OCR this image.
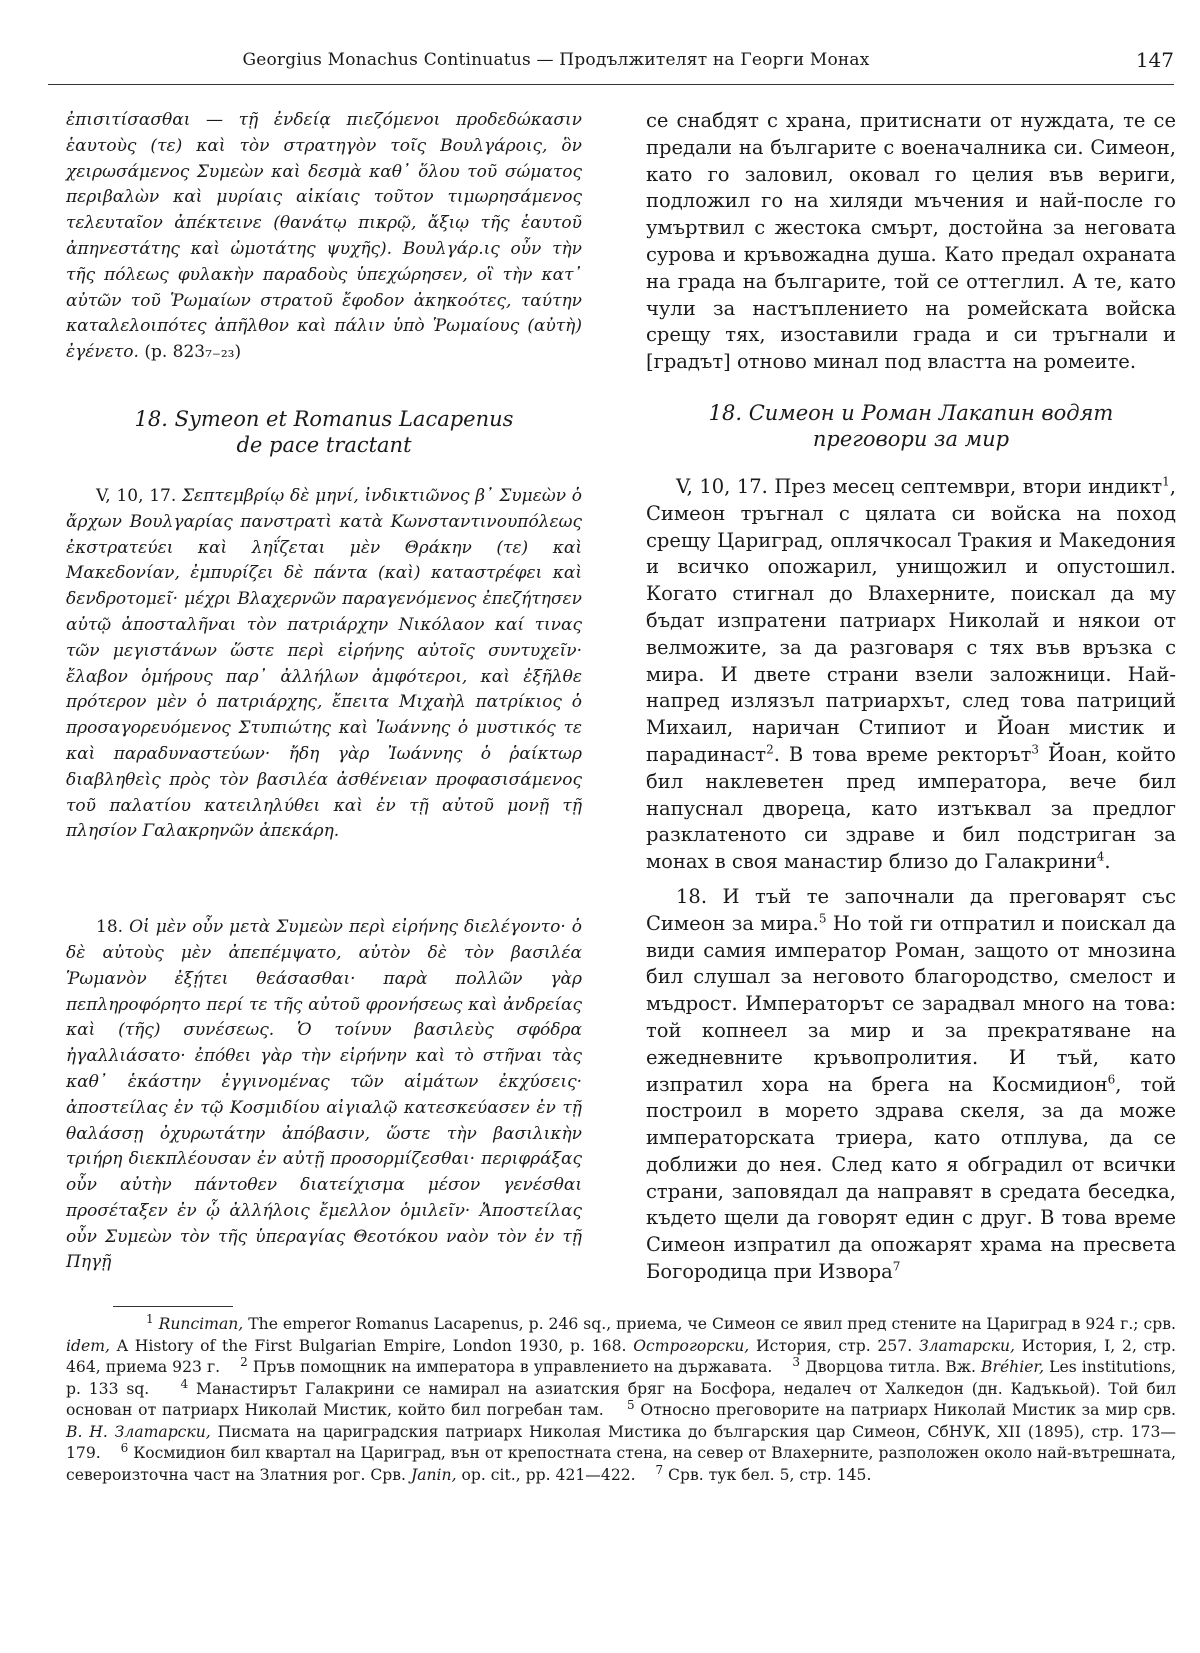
Georgius Monachus Continuatus — Продължителят на Георги Монах	147

ἐπισιτίσασθαι — τῇ ἐνδείᾳ πιεζόμενοι προδεδώκασιν ἑαυτοὺς (τε) καὶ τὸν στρατηγὸν τοῖς Βουλγάροις, ὃν χειρωσάμενος Συμεὼν καὶ δεσμὰ καθ᾽ ὅλου τοῦ σώματος περιβαλὼν καὶ μυρίαις αἰκίαις τοῦτον τιμωρησάμενος τελευταῖον ἀπέκτεινε (θανάτῳ πικρῷ, ἄξιῳ τῆς ἑαυτοῦ ἀπηνεστάτης καὶ ὠμοτάτης ψυχῆς). Βουλγάρ.ις οὖν τὴν τῆς πόλεως φυλακὴν παραδοὺς ὑπεχώρησεν, οἳ τὴν κατ᾽ αὐτῶν τοῦ Ῥωμαίων στρατοῦ ἔφοδον ἀκηκοότες, ταύτην καταλελοιπότες ἀπῆλθον καὶ πάλιν ὑπὸ Ῥωμαίους (αὐτὴ) ἐγένετο. (p. 823₇₋₂₃)

18. Symeon et Romanus Lacapenus
de pace tractant

V, 10, 17. Σεπτεμβρίῳ δὲ μηνί, ἰνδικτιῶνος β᾽ Συμεὼν ὁ ἄρχων Βουλγαρίας πανστρατὶ κατὰ Κωνσταντινουπόλεως ἐκστρατεύει καὶ ληΐζεται μὲν Θράκην (τε) καὶ Μακεδονίαν, ἐμπυρίζει δὲ πάντα (καὶ) καταστρέφει καὶ δενδροτομεῖ· μέχρι Βλαχερνῶν παραγενόμενος ἐπεζήτησεν αὐτῷ ἀποσταλῆναι τὸν πατριάρχην Νικόλαον καί τινας τῶν μεγιστάνων ὥστε περὶ εἰρήνης αὐτοῖς συντυχεῖν· ἔλαβον ὁμήρους παρ᾽ ἀλλήλων ἀμφότεροι, καὶ ἐξῆλθε πρότερον μὲν ὁ πατριάρχης, ἔπειτα Μιχαὴλ πατρίκιος ὁ προσαγορευόμενος Στυπιώτης καὶ Ἰωάννης ὁ μυστικός τε καὶ παραδυναστεύων· ἤδη γὰρ Ἰωάννης ὁ ῥαίκτωρ διαβληθεὶς πρὸς τὸν βασιλέα ἀσθένειαν προφασισάμενος τοῦ παλατίου κατειληλύθει καὶ ἐν τῇ αὐτοῦ μονῇ τῇ πλησίον Γαλακρηνῶν ἀπεκάρη.

18. Οἱ μὲν οὖν μετὰ Συμεὼν περὶ εἰρήνης διελέγοντο· ὁ δὲ αὐτοὺς μὲν ἀπεπέμψατο, αὐτὸν δὲ τὸν βασιλέα Ῥωμανὸν ἐξῄτει θεάσασθαι· παρὰ πολλῶν γὰρ πεπληροφόρητο περί τε τῆς αὐτοῦ φρονήσεως καὶ ἀνδρείας καὶ (τῆς) συνέσεως. Ὁ τοίνυν βασιλεὺς σφόδρα ἠγαλλιάσατο· ἐπόθει γὰρ τὴν εἰρήνην καὶ τὸ στῆναι τὰς καθ᾽ ἑκάστην ἐγγινομένας τῶν αἱμάτων ἐκχύσεις· ἀποστείλας ἐν τῷ Κοσμιδίου αἰγιαλῷ κατεσκεύασεν ἐν τῇ θαλάσσῃ ὀχυρωτάτην ἀπόβασιν, ὥστε τὴν βασιλικὴν τριήρη διεκπλέουσαν ἐν αὐτῇ προσορμίζεσθαι· περιφράξας οὖν αὐτὴν πάντοθεν διατείχισμα μέσον γενέσθαι προσέταξεν ἐν ᾧ ἀλλήλοις ἔμελλον ὁμιλεῖν· Ἀποστείλας οὖν Συμεὼν τὸν τῆς ὑπεραγίας Θεοτόκου ναὸν τὸν ἐν τῇ Πηγῇ

се снабдят с храна, притиснати от нуждата, те се предали на българите с военачалника си. Симеон, като го заловил, оковал го целия във вериги, подложил го на хиляди мъчения и най-после го умъртвил с жестока смърт, достойна за неговата сурова и кръвожадна душа. Като предал охраната на града на българите, той се оттеглил. А те, като чули за настъплението на ромейската войска срещу тях, изоставили града и си тръгнали и [градът] отново минал под властта на ромеите.

18. Симеон и Роман Лакапин водят
преговори за мир

V, 10, 17. През месец септември, втори индикт$^1$, Симеон тръгнал с цялата си войска на поход срещу Цариград, оплячкосал Тракия и Македония и всичко опожарил, унищожил и опустошил. Когато стигнал до Влахерните, поискал да му бъдат изпратени патриарх Николай и някои от велможите, за да разговаря с тях във връзка с мира. И двете страни взели заложници. Най-напред излязъл патриархът, след това патриций Михаил, наричан Стипиот и Йоан мистик и парадинаст$^2$. В това време ректорът$^3$ Йоан, който бил наклеветен пред императора, вече бил напуснал двореца, като изтъквал за предлог разклатеното си здраве и бил подстриган за монах в своя манастир близо до Галакрини$^4$.

18. И тъй те започнали да преговарят със Симеон за мира.$^5$ Но той ги отпратил и поискал да види самия император Роман, защото от мнозина бил слушал за неговото благородство, смелост и мъдрост. Императорът се зарадвал много на това: той копнеел за мир и за прекратяване на ежедневните кръвопролития. И тъй, като изпратил хора на брега на Космидион$^6$, той построил в морето здрава скеля, за да може императорската триера, като отплува, да се доближи до нея. След като я обградил от всички страни, заповядал да направят в средата беседка, където щели да говорят един с друг. В това време Симеон изпратил да опожарят храма на пресвета Богородица при Извора$^7$

$^1$ Runciman, The emperor Romanus Lacapenus, p. 246 sq., приема, че Симеон се явил пред стените на Цариград в 924 г.; срв. idem, A History of the First Bulgarian Empire, London 1930, p. 168. Острогорски, История, стр. 257. Златарски, История, I, 2, стр. 464, приема 923 г. $^2$ Пръв помощник на императора в управлението на държавата. $^3$ Дворцова титла. Вж. Bréhier, Les institutions, p. 133 sq.	$^4$ Манастирът Галакрини се намирал на азиатския бряг на Босфора, недалеч от Халкедон (дн. Кадъкьой). Той бил основан от патриарх Николай Мистик, който бил погребан там. $^5$ Относно преговорите на патриарх Николай Мистик за мир срв. В. Н. Златарски, Писмата на цариградския патриарх Николая Мистика до българския цар Симеон, СбНУК, XII (1895), стр. 173—179. $^6$ Космидион бил квартал на Цариград, вън от крепостната стена, на север от Влахерните, разположен около най-вътрешната, североизточна част на Златния рог. Срв. Janin, op. cit., pp. 421—422. $^7$ Срв. тук бел. 5, стр. 145.
